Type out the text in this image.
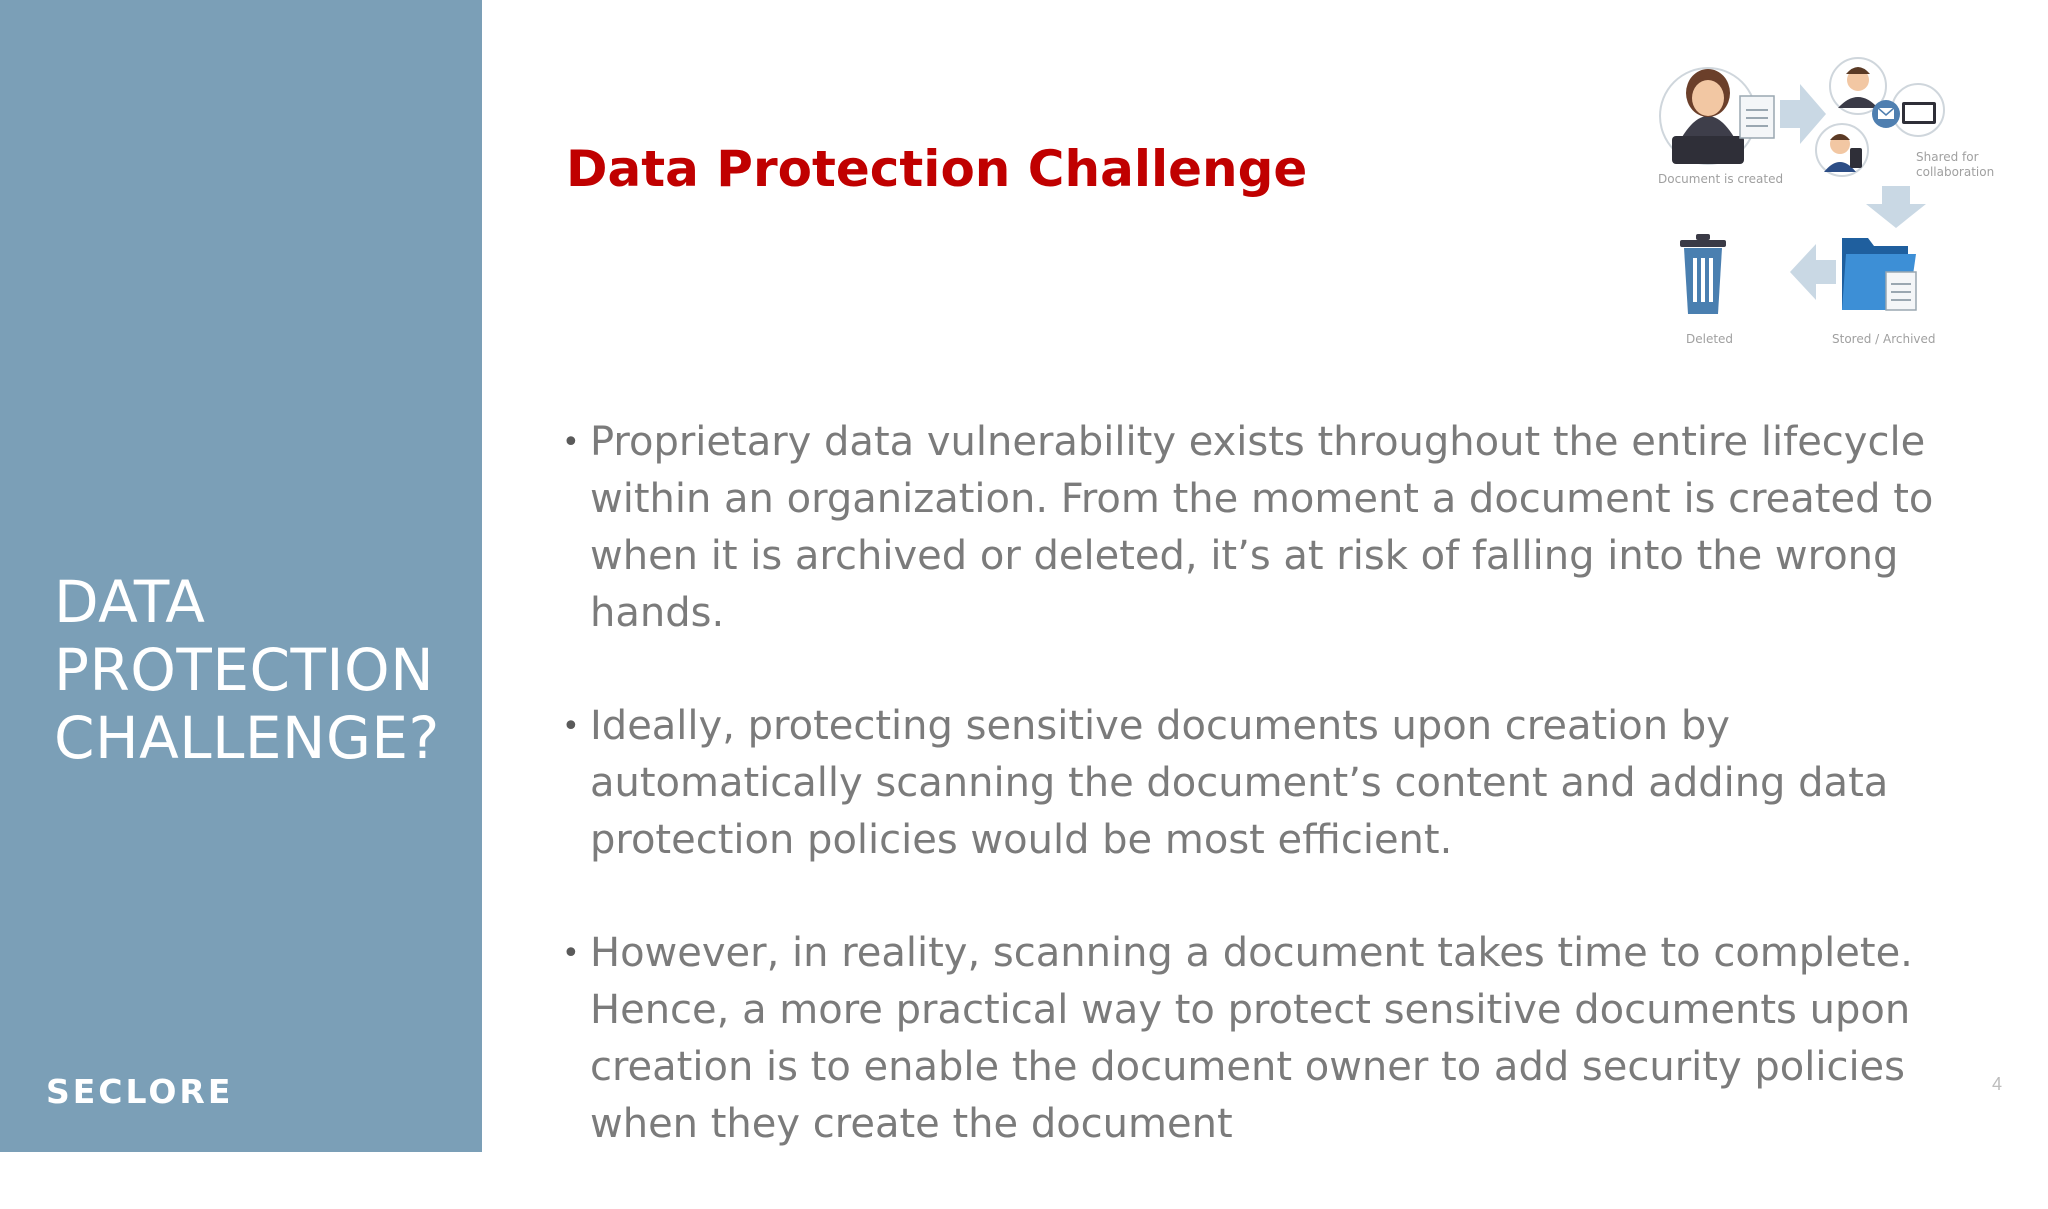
DATA
PROTECTION
CHALLENGE?
SECLORE
Data Protection Challenge	Document is created
Shared for
collaboration
Stored / Archived
Deleted
• Proprietary data vulnerability exists throughout the entire lifecycle within an organization. From the moment a document is created to when it is archived or deleted, it’s at risk of falling into the wrong hands.
• Ideally, protecting sensitive documents upon creation by automatically scanning the document’s content and adding data protection policies would be most efficient.
• However, in reality, scanning a document takes time to complete. Hence, a more practical way to protect sensitive documents upon creation is to enable the document owner to add security policies when they create the document
4
